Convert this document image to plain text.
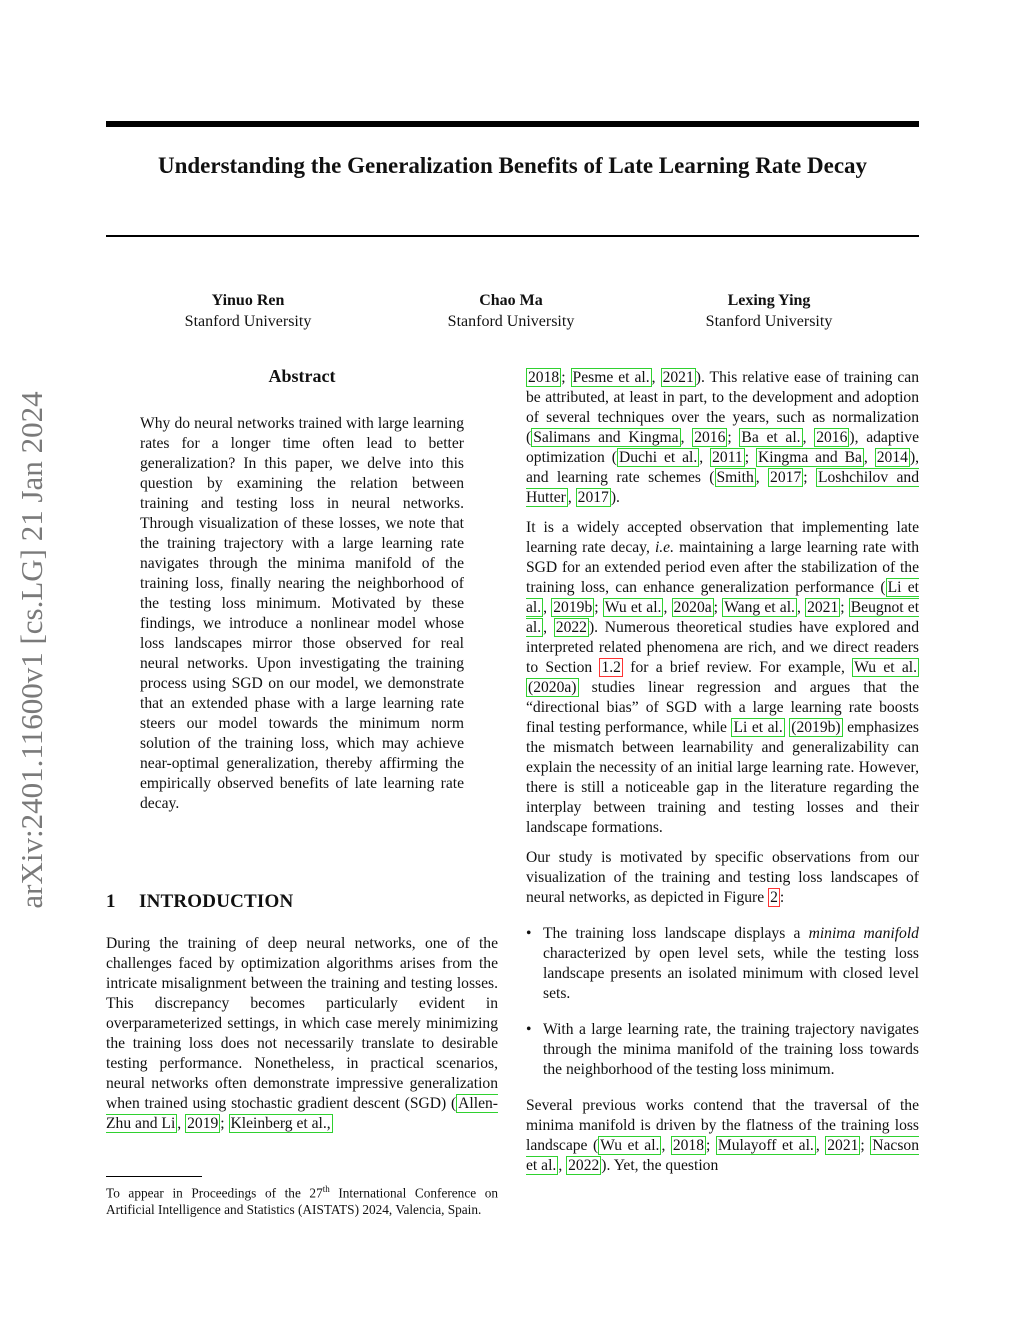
arXiv:2401.11600v1 [cs.LG] 21 Jan 2024
Understanding the Generalization Benefits of Late Learning Rate Decay
Yinuo Ren
Stanford University
Chao Ma
Stanford University
Lexing Ying
Stanford University
Abstract

Why do neural networks trained with large learning rates for a longer time often lead to better generalization? In this paper, we delve into this question by examining the relation between training and testing loss in neural networks. Through visualization of these losses, we note that the training trajectory with a large learning rate navigates through the minima manifold of the training loss, finally nearing the neighborhood of the testing loss minimum. Motivated by these findings, we introduce a nonlinear model whose loss landscapes mirror those observed for real neural networks. Upon investigating the training process using SGD on our model, we demonstrate that an extended phase with a large learning rate steers our model towards the minimum norm solution of the training loss, which may achieve near-optimal generalization, thereby affirming the empirically observed benefits of late learning rate decay.

1 INTRODUCTION

During the training of deep neural networks, one of the challenges faced by optimization algorithms arises from the intricate misalignment between the training and testing losses. This discrepancy becomes particularly evident in overparameterized settings, in which case merely minimizing the training loss does not necessarily translate to desirable testing performance. Nonetheless, in practical scenarios, neural networks often demonstrate impressive generalization when trained using stochastic gradient descent (SGD) ( Allen-Zhu and Li , 2019 ; Kleinberg et al.,

To appear in Proceedings of the 27th International Conference on Artificial Intelligence and Statistics (AISTATS) 2024, Valencia, Spain.

2018 ; Pesme et al. , 2021 ). This relative ease of training can be attributed, at least in part, to the development and adoption of several techniques over the years, such as normalization ( Salimans and Kingma , 2016 ; Ba et al. , 2016 ), adaptive optimization ( Duchi et al. , 2011 ; Kingma and Ba , 2014 ), and learning rate schemes ( Smith , 2017 ; Loshchilov and Hutter , 2017 ).

It is a widely accepted observation that implementing late learning rate decay, i.e. maintaining a large learning rate with SGD for an extended period even after the stabilization of the training loss, can enhance generalization performance ( Li et al. , 2019b ; Wu et al. , 2020a ; Wang et al. , 2021 ; Beugnot et al. , 2022 ). Numerous theoretical studies have explored and interpreted related phenomena are rich, and we direct readers to Section 1.2 for a brief review. For example, Wu et al. (2020a) studies linear regression and argues that the “directional bias” of SGD with a large learning rate boosts final testing performance, while Li et al. (2019b) emphasizes the mismatch between learnability and generalizability can explain the necessity of an initial large learning rate. However, there is still a noticeable gap in the literature regarding the interplay between training and testing losses and their landscape formations.

Our study is motivated by specific observations from our visualization of the training and testing loss landscapes of neural networks, as depicted in Figure 2 :

• The training loss landscape displays a minima manifold characterized by open level sets, while the testing loss landscape presents an isolated minimum with closed level sets.
• With a large learning rate, the training trajectory navigates through the minima manifold of the training loss towards the neighborhood of the testing loss minimum.

Several previous works contend that the traversal of the minima manifold is driven by the flatness of the training loss landscape ( Wu et al. , 2018 ; Mulayoff et al. , 2021 ; Nacson et al. , 2022 ). Yet, the question
